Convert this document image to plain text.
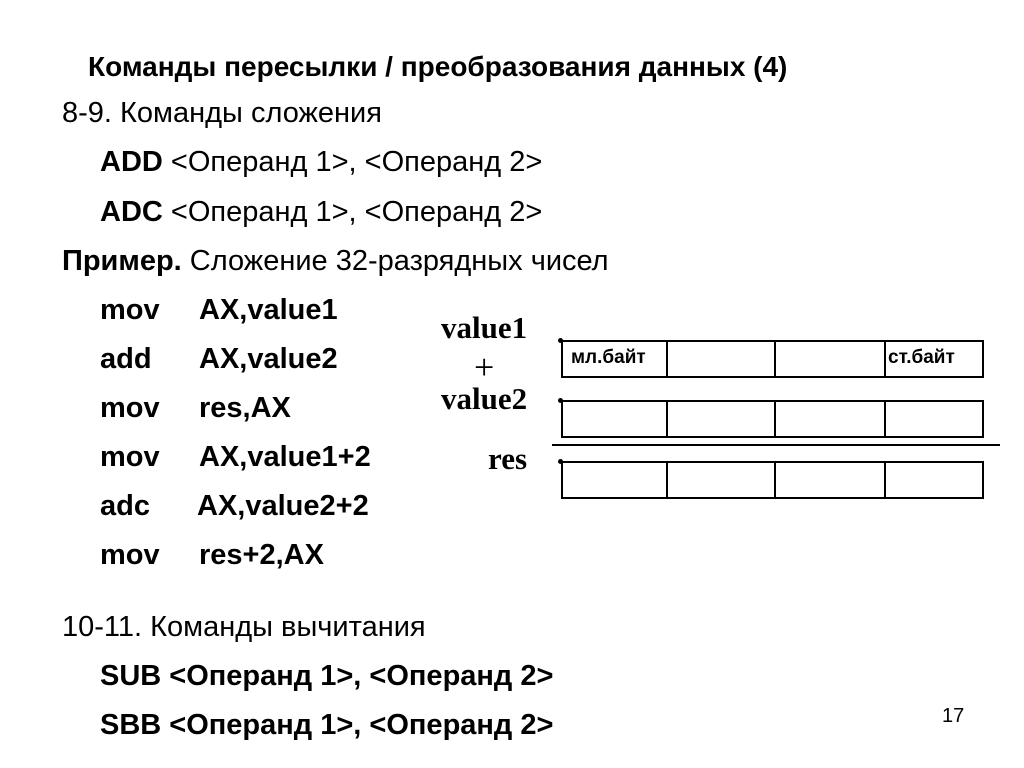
Команды пересылки / преобразования данных (4)
8-9. Команды сложения
ADD <Операнд 1>, <Операнд 2>
ADC <Операнд 1>, <Операнд 2>
Пример. Сложение 32-разрядных чисел
mov AX,value1
add AX,value2
mov res,AX
mov AX,value1+2
adc AX,value2+2
mov res+2,AX
value1
+
value2
res
мл.байт	ст.байт
10-11. Команды вычитания
SUB <Операнд 1>, <Операнд 2>
SBB <Операнд 1>, <Операнд 2>	17
